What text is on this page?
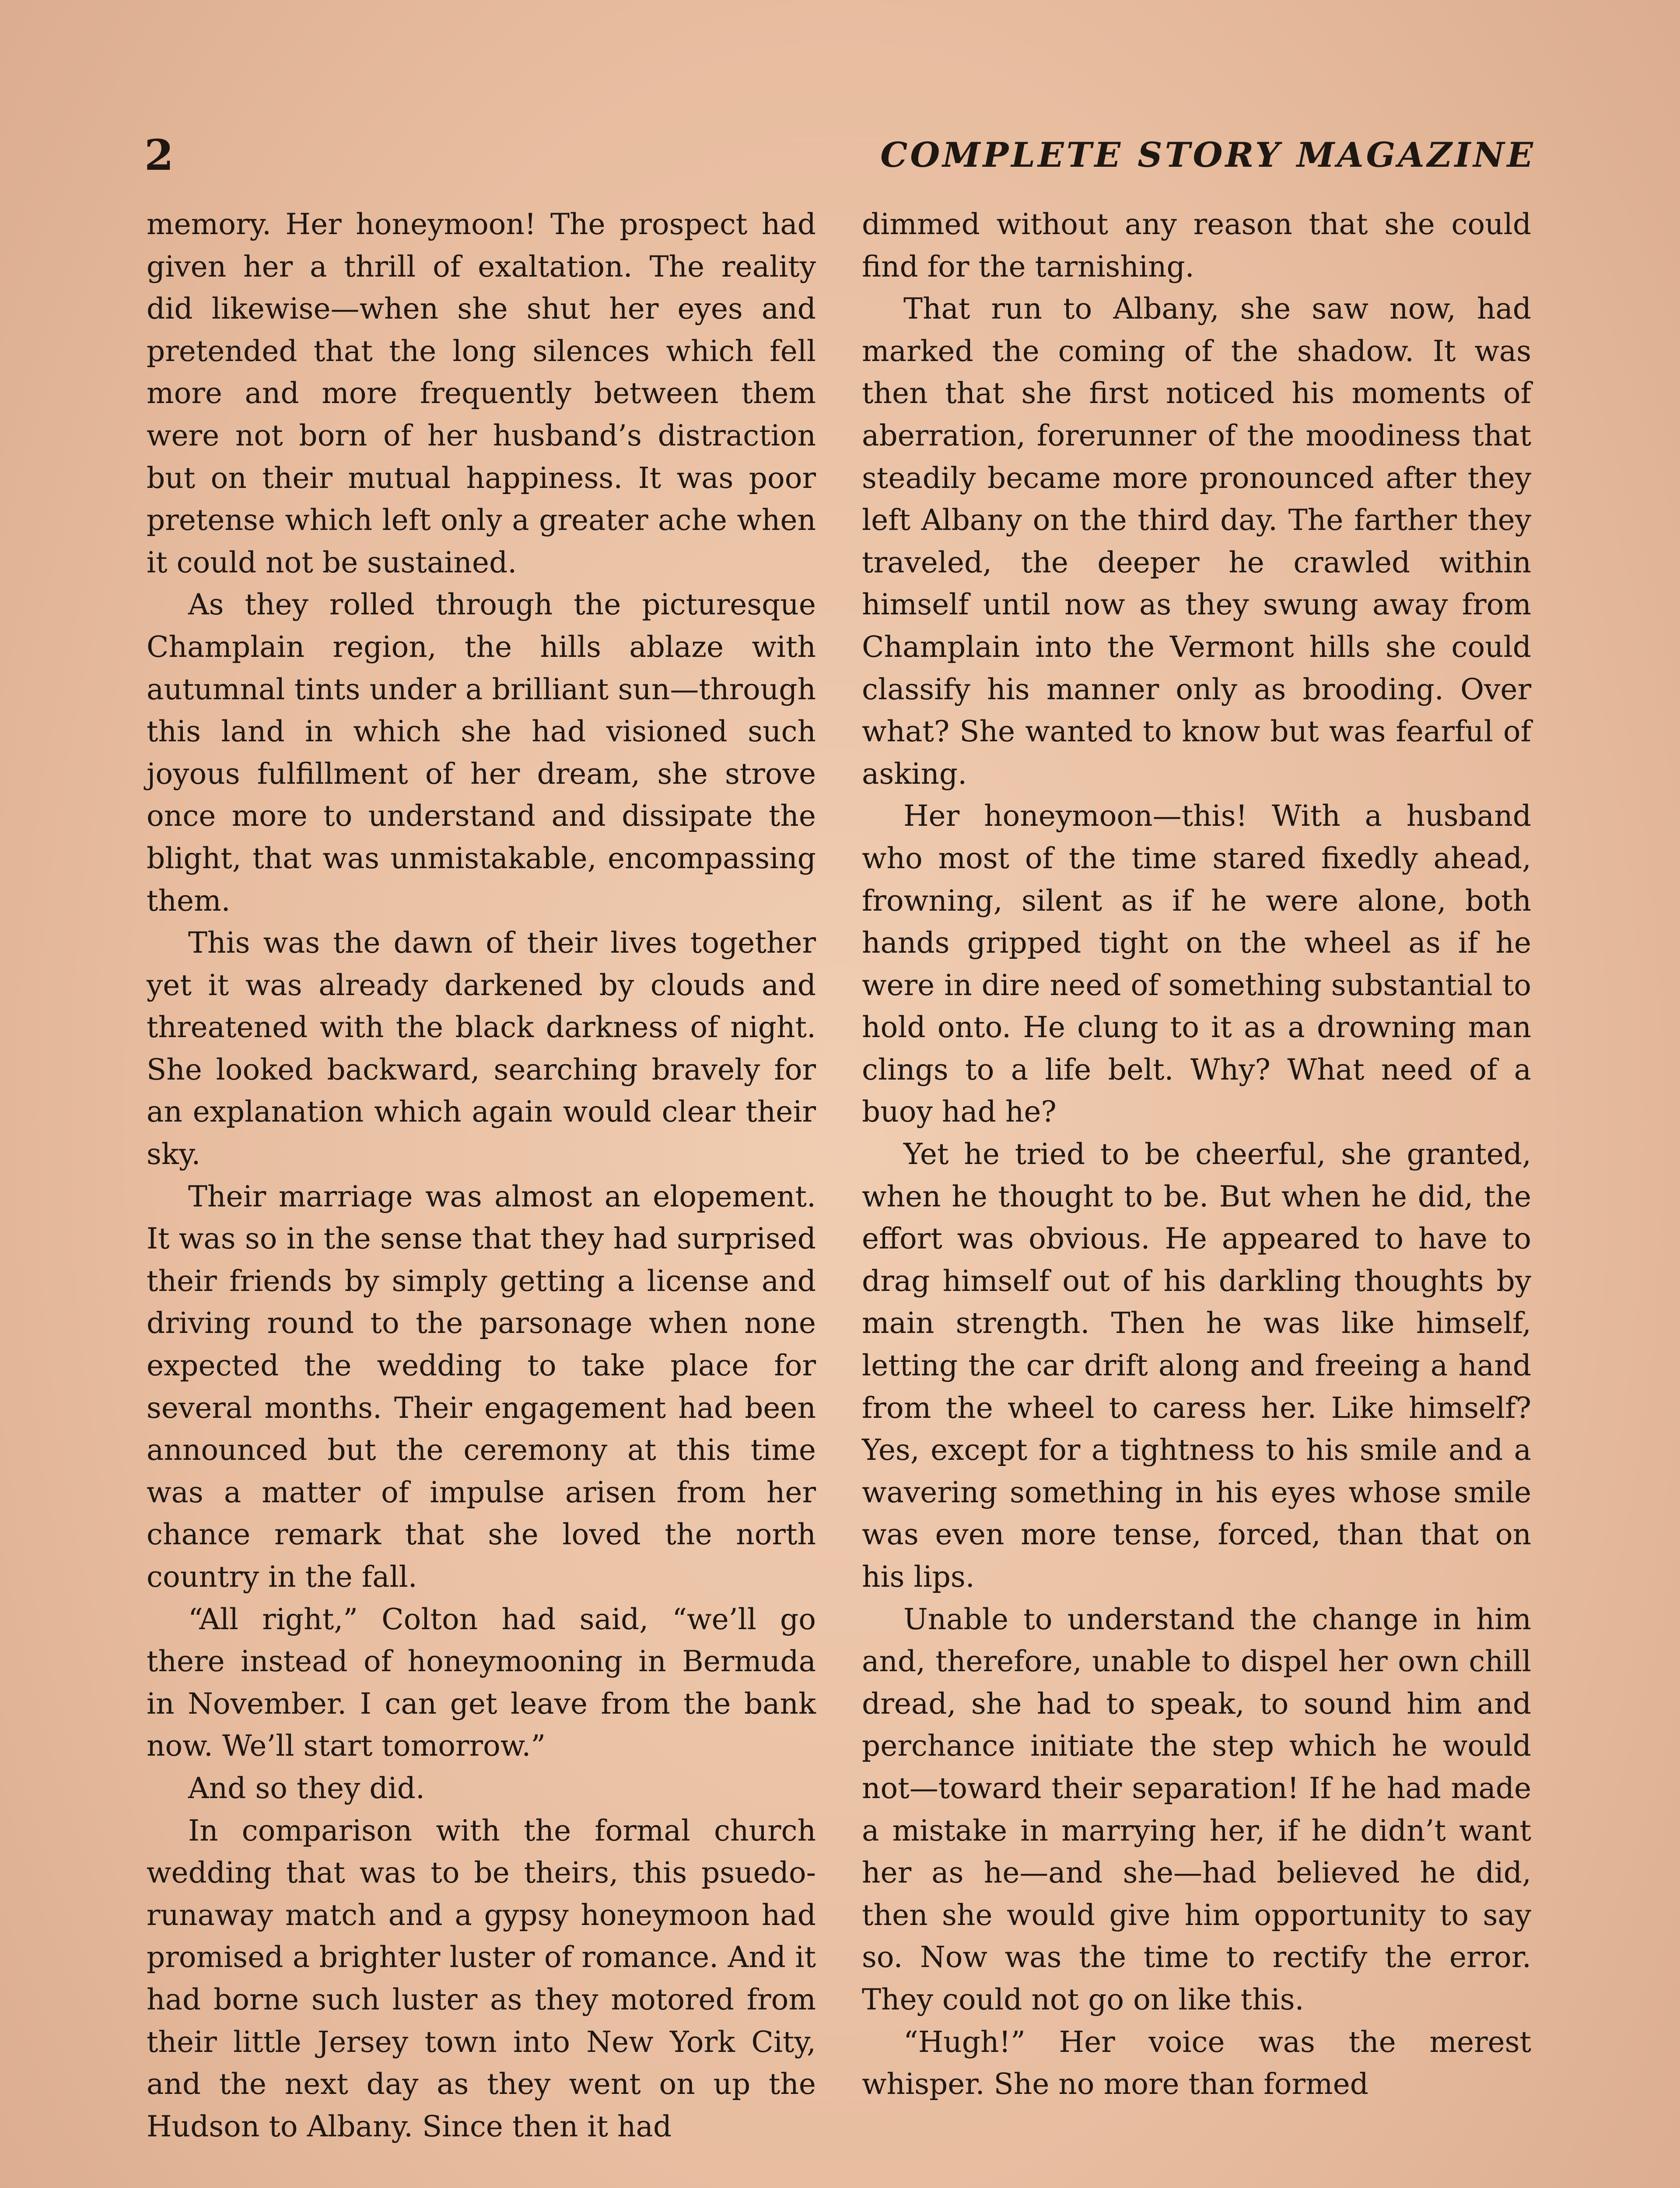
2	COMPLETE STORY MAGAZINE

memory. Her honeymoon! The prospect had given her a thrill of exaltation. The reality did likewise—when she shut her eyes and pretended that the long silences which fell more and more frequently between them were not born of her husband’s distraction but on their mutual happiness. It was poor pretense which left only a greater ache when it could not be sustained.

As they rolled through the picturesque Champlain region, the hills ablaze with autumnal tints under a brilliant sun—through this land in which she had visioned such joyous fulfillment of her dream, she strove once more to understand and dissipate the blight, that was unmistakable, encompassing them.

This was the dawn of their lives together yet it was already darkened by clouds and threatened with the black darkness of night. She looked backward, searching bravely for an explanation which again would clear their sky.

Their marriage was almost an elopement. It was so in the sense that they had surprised their friends by simply getting a license and driving round to the parsonage when none expected the wedding to take place for several months. Their engagement had been announced but the ceremony at this time was a matter of impulse arisen from her chance remark that she loved the north country in the fall.

“All right,” Colton had said, “we’ll go there instead of honeymooning in Bermuda in November. I can get leave from the bank now. We’ll start tomorrow.”

And so they did.

In comparison with the formal church wedding that was to be theirs, this psuedo-runaway match and a gypsy honeymoon had promised a brighter luster of romance. And it had borne such luster as they motored from their little Jersey town into New York City, and the next day as they went on up the Hudson to Albany. Since then it had

dimmed without any reason that she could find for the tarnishing.

That run to Albany, she saw now, had marked the coming of the shadow. It was then that she first noticed his moments of aberration, forerunner of the moodiness that steadily became more pronounced after they left Albany on the third day. The farther they traveled, the deeper he crawled within himself until now as they swung away from Champlain into the Vermont hills she could classify his manner only as brooding. Over what? She wanted to know but was fearful of asking.

Her honeymoon—this! With a husband who most of the time stared fixedly ahead, frowning, silent as if he were alone, both hands gripped tight on the wheel as if he were in dire need of something substantial to hold onto. He clung to it as a drowning man clings to a life belt. Why? What need of a buoy had he?

Yet he tried to be cheerful, she granted, when he thought to be. But when he did, the effort was obvious. He appeared to have to drag himself out of his darkling thoughts by main strength. Then he was like himself, letting the car drift along and freeing a hand from the wheel to caress her. Like himself? Yes, except for a tightness to his smile and a wavering something in his eyes whose smile was even more tense, forced, than that on his lips.

Unable to understand the change in him and, therefore, unable to dispel her own chill dread, she had to speak, to sound him and perchance initiate the step which he would not—toward their separation! If he had made a mistake in marrying her, if he didn’t want her as he—and she—had believed he did, then she would give him opportunity to say so. Now was the time to rectify the error. They could not go on like this.

“Hugh!” Her voice was the merest whisper. She no more than formed
